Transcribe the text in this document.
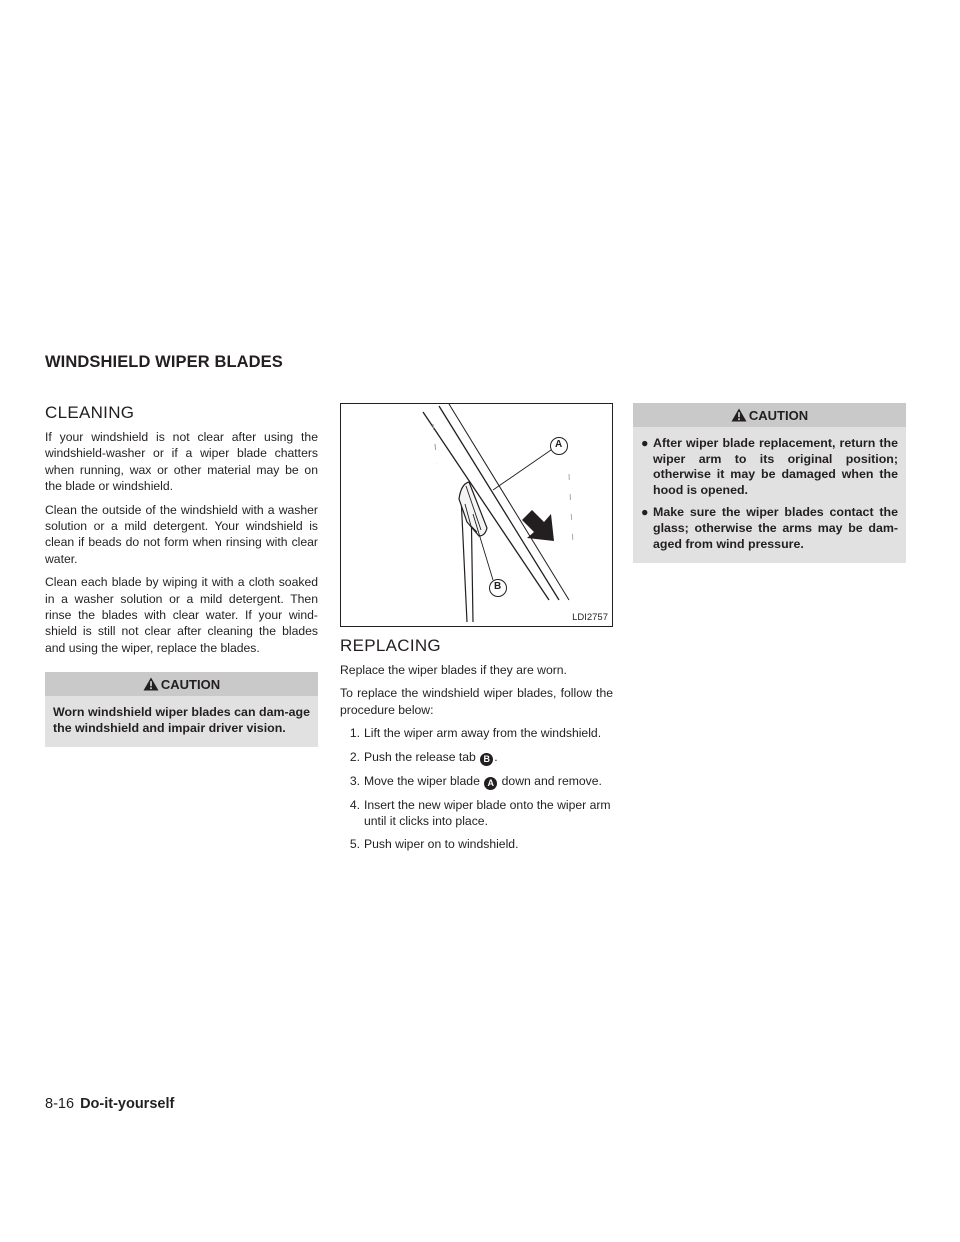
WINDSHIELD WIPER BLADES
CLEANING

If your windshield is not clear after using the windshield-washer or if a wiper blade chatters when running, wax or other material may be on the blade or windshield.

Clean the outside of the windshield with a washer solution or a mild detergent. Your windshield is clean if beads do not form when rinsing with clear water.

Clean each blade by wiping it with a cloth soaked in a washer solution or a mild detergent. Then rinse the blades with clear water. If your wind-shield is still not clear after cleaning the blades and using the wiper, replace the blades.

CAUTION
Worn windshield wiper blades can dam-age the windshield and impair driver vision.
A
B
LDI2757
REPLACING

Replace the wiper blades if they are worn.

To replace the windshield wiper blades, follow the procedure below:

1. Lift the wiper arm away from the windshield.
2. Push the release tab B .
3. Move the wiper blade A down and remove.
4. Insert the new wiper blade onto the wiper arm until it clicks into place.
5. Push wiper on to windshield.
CAUTION
● After wiper blade replacement, return the wiper arm to its original position; otherwise it may be damaged when the hood is opened.
● Make sure the wiper blades contact the glass; otherwise the arms may be dam-aged from wind pressure.
8-16 Do-it-yourself
